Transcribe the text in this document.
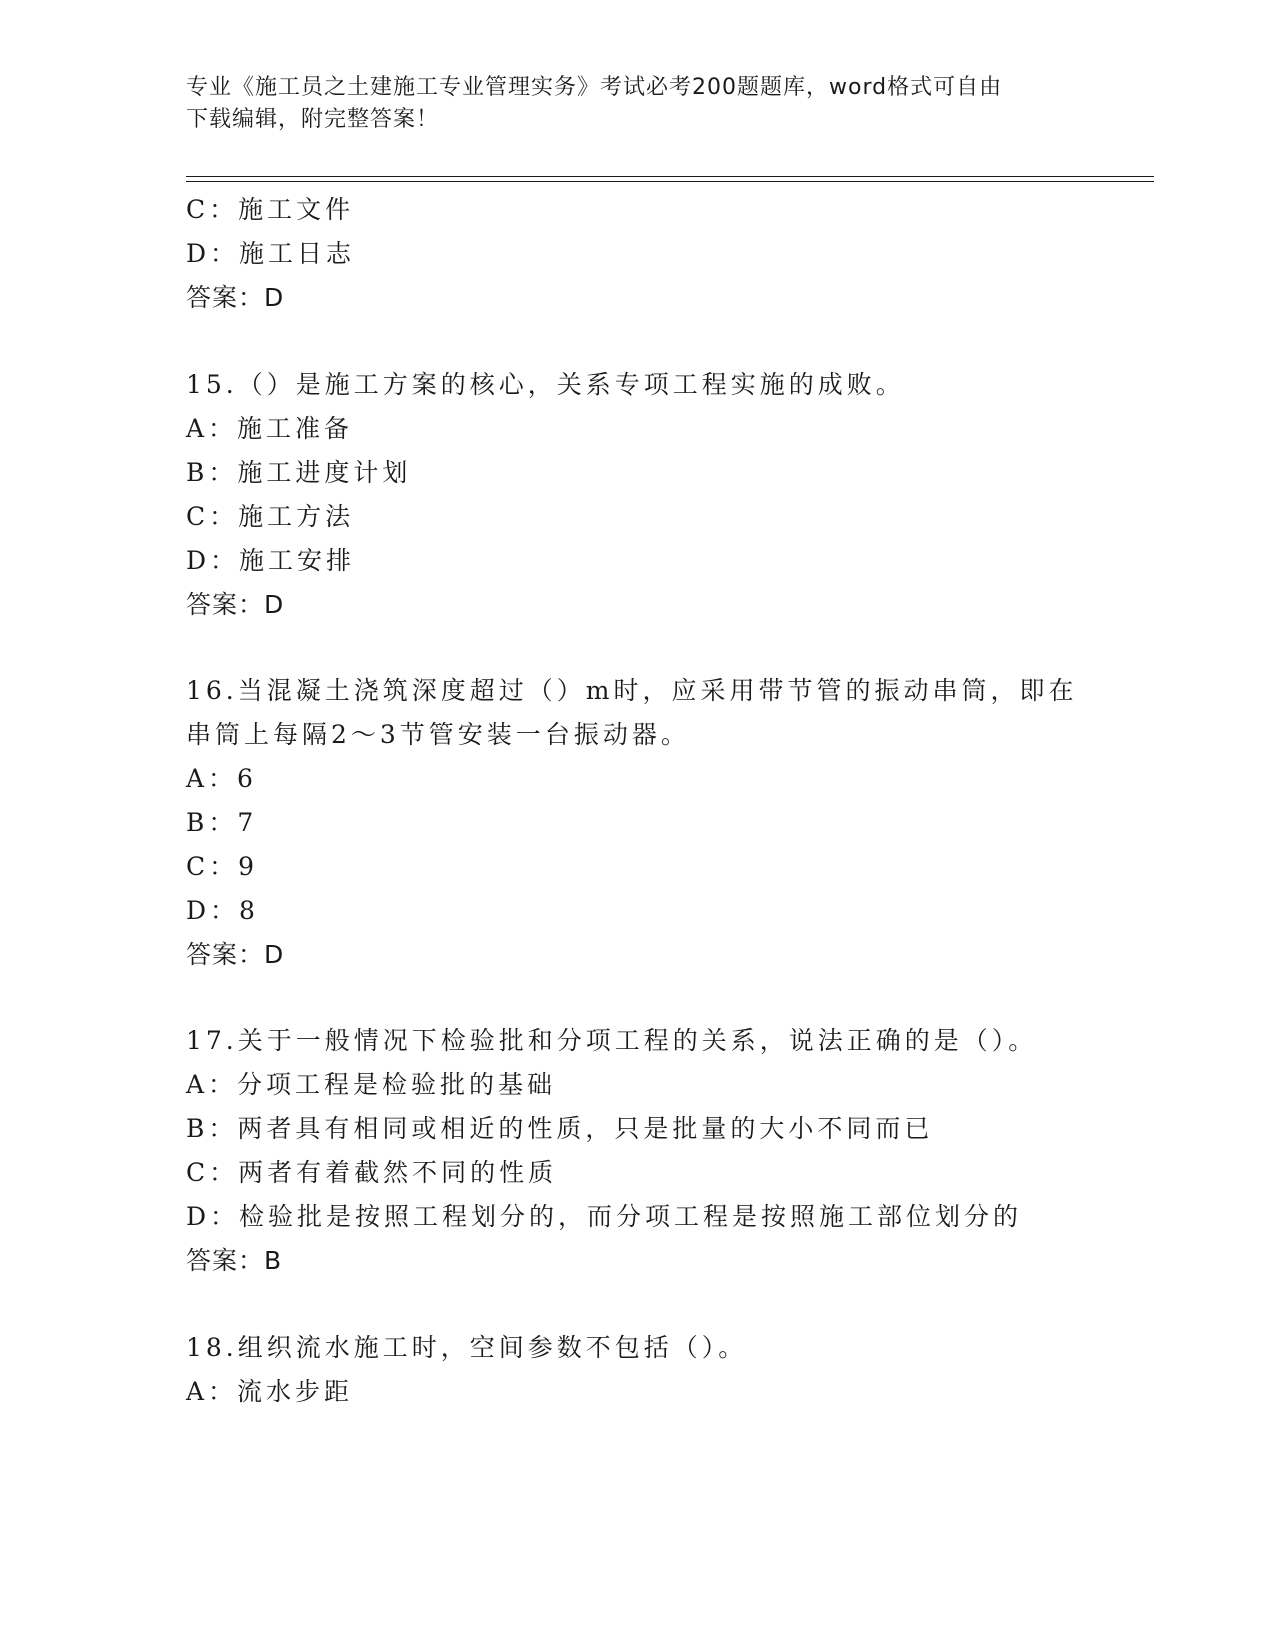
专业《施工员之土建施工专业管理实务》考试必考200题题库，word格式可自由
下载编辑，附完整答案！
C：施工文件
D：施工日志
答案：D
15.（）是施工方案的核心，关系专项工程实施的成败。
A：施工准备
B：施工进度计划
C：施工方法
D：施工安排
答案：D
16.当混凝土浇筑深度超过（）m时，应采用带节管的振动串筒，即在
串筒上每隔2～3节管安装一台振动器。
A：6
B：7
C：9
D：8
答案：D
17.关于一般情况下检验批和分项工程的关系，说法正确的是（）。
A：分项工程是检验批的基础
B：两者具有相同或相近的性质，只是批量的大小不同而已
C：两者有着截然不同的性质
D：检验批是按照工程划分的，而分项工程是按照施工部位划分的
答案：B
18.组织流水施工时，空间参数不包括（）。
A：流水步距
